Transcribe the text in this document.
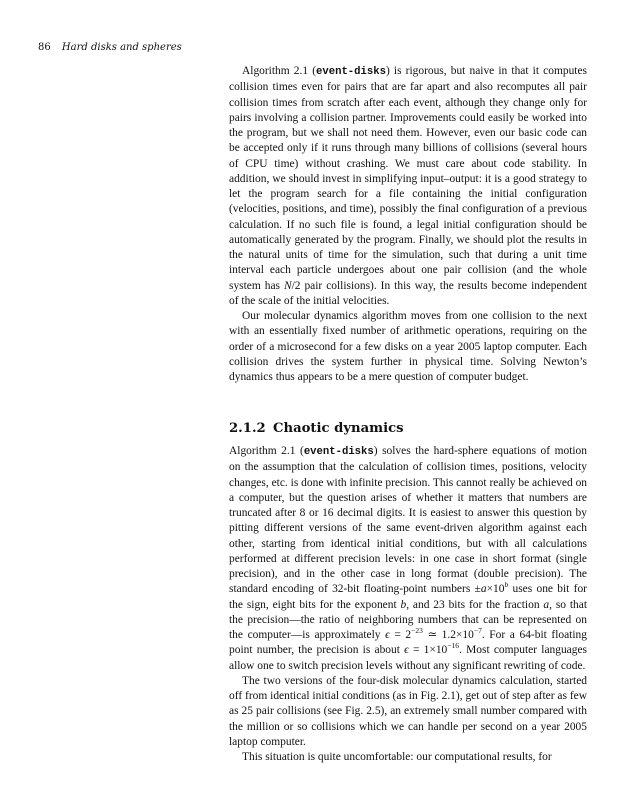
86 Hard disks and spheres

Algorithm 2.1 (event-disks) is rigorous, but naive in that it computes collision times even for pairs that are far apart and also recomputes all pair collision times from scratch after each event, although they change only for pairs involving a collision partner. Improvements could easily be worked into the program, but we shall not need them. However, even our basic code can be accepted only if it runs through many billions of collisions (several hours of CPU time) without crashing. We must care about code stability. In addition, we should invest in simplifying input–output: it is a good strategy to let the program search for a file containing the initial configuration (velocities, positions, and time), possibly the final configuration of a previous calculation. If no such file is found, a legal initial configuration should be automatically generated by the program. Finally, we should plot the results in the natural units of time for the simulation, such that during a unit time interval each particle undergoes about one pair collision (and the whole system has N/2 pair collisions). In this way, the results become independent of the scale of the initial velocities.

Our molecular dynamics algorithm moves from one collision to the next with an essentially fixed number of arithmetic operations, requiring on the order of a microsecond for a few disks on a year 2005 laptop computer. Each collision drives the system further in physical time. Solving Newton’s dynamics thus appears to be a mere question of computer budget.

2.1.2 Chaotic dynamics

Algorithm 2.1 (event-disks) solves the hard-sphere equations of motion on the assumption that the calculation of collision times, positions, velocity changes, etc. is done with infinite precision. This cannot really be achieved on a computer, but the question arises of whether it matters that numbers are truncated after 8 or 16 decimal digits. It is easiest to answer this question by pitting different versions of the same event-driven algorithm against each other, starting from identical initial conditions, but with all calculations performed at different precision levels: in one case in short format (single precision), and in the other case in long format (double precision). The standard encoding of 32-bit floating-point numbers $\pm a\times 10^b$ uses one bit for the sign, eight bits for the exponent b, and 23 bits for the fraction a, so that the precision—the ratio of neighboring numbers that can be represented on the computer—is approximately $\epsilon = 2^{-23}$ ≃ $1.2\times 10^{-7}$. For a 64-bit floating point number, the precision is about $\epsilon = 1\times 10^{-16}$. Most computer languages allow one to switch precision levels without any significant rewriting of code.

The two versions of the four-disk molecular dynamics calculation, started off from identical initial conditions (as in Fig. 2.1), get out of step after as few as 25 pair collisions (see Fig. 2.5), an extremely small number compared with the million or so collisions which we can handle per second on a year 2005 laptop computer.

This situation is quite uncomfortable: our computational results, for
